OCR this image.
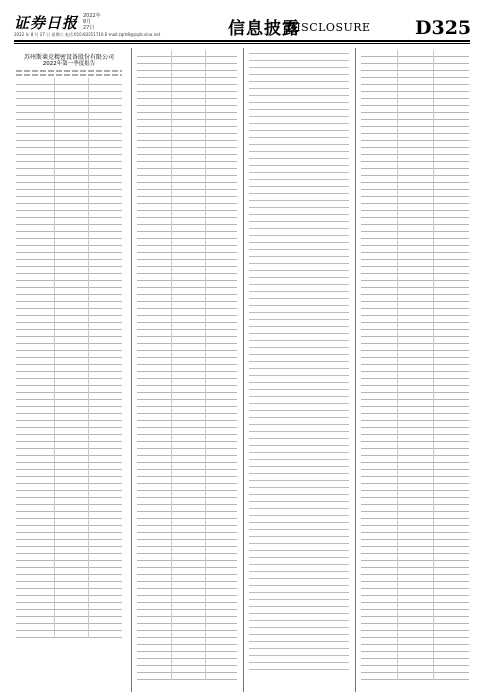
证券日报 2022年
8月
27日
2022 年 8 月 27 日 星期六 电话:010-83251716 E-mail:zqrb9@zqrb.sina.net	信息披露
DISCLOSURE D325
苏州斯莱克精密设备股份有限公司
2022年第一季度报告
